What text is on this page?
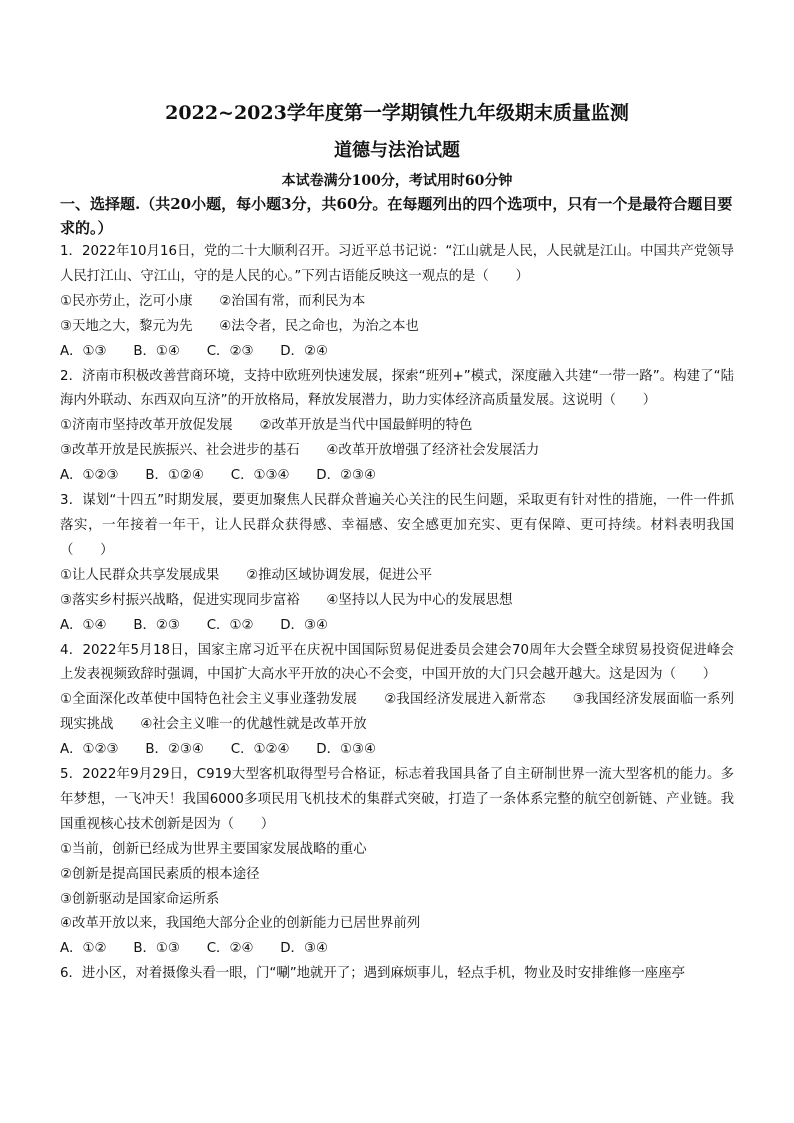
2022~2023学年度第一学期镇性九年级期末质量监测
道德与法治试题

本试卷满分100分，考试用时60分钟

一、选择题.（共20小题，每小题3分，共60分。在每题列出的四个选项中，只有一个是最符合题目要求的。）

1．2022年10月16日，党的二十大顺利召开。习近平总书记说：“江山就是人民，人民就是江山。中国共产党领导人民打江山、守江山，守的是人民的心。”下列古语能反映这一观点的是（　　）

①民亦劳止，汔可小康　　②治国有常，而利民为本

③天地之大，黎元为先　　④法令者，民之命也，为治之本也

A．①③　　B．①④　　C．②③　　D．②④

2．济南市积极改善营商环境，支持中欧班列快速发展，探索“班列+”模式，深度融入共建“一带一路”。构建了“陆海内外联动、东西双向互济”的开放格局，释放发展潜力，助力实体经济高质量发展。这说明（　　）

①济南市坚持改革开放促发展　　②改革开放是当代中国最鲜明的特色

③改革开放是民族振兴、社会进步的基石　　④改革开放增强了经济社会发展活力

A．①②③　　B．①②④　　C．①③④　　D．②③④

3．谋划“十四五”时期发展，要更加聚焦人民群众普遍关心关注的民生问题，采取更有针对性的措施，一件一件抓落实，一年接着一年干，让人民群众获得感、幸福感、安全感更加充实、更有保障、更可持续。材料表明我国（　　）

①让人民群众共享发展成果　　②推动区域协调发展，促进公平

③落实乡村振兴战略，促进实现同步富裕　　④坚持以人民为中心的发展思想

A．①④　　B．②③　　C．①②　　D．③④

4．2022年5月18日，国家主席习近平在庆祝中国国际贸易促进委员会建会70周年大会暨全球贸易投资促进峰会上发表视频致辞时强调，中国扩大高水平开放的决心不会变，中国开放的大门只会越开越大。这是因为（　　）

①全面深化改革使中国特色社会主义事业蓬勃发展　　②我国经济发展进入新常态　　③我国经济发展面临一系列现实挑战　　④社会主义唯一的优越性就是改革开放

A．①②③　　B．②③④　　C．①②④　　D．①③④

5．2022年9月29日，C919大型客机取得型号合格证，标志着我国具备了自主研制世界一流大型客机的能力。多年梦想，一飞冲天！我国6000多项民用飞机技术的集群式突破，打造了一条体系完整的航空创新链、产业链。我国重视核心技术创新是因为（　　）

①当前，创新已经成为世界主要国家发展战略的重心

②创新是提高国民素质的根本途径

③创新驱动是国家命运所系

④改革开放以来，我国绝大部分企业的创新能力已居世界前列

A．①②　　B．①③　　C．②④　　D．③④

6．进小区，对着摄像头看一眼，门“唰”地就开了；遇到麻烦事儿，轻点手机，物业及时安排维修一座座亭
